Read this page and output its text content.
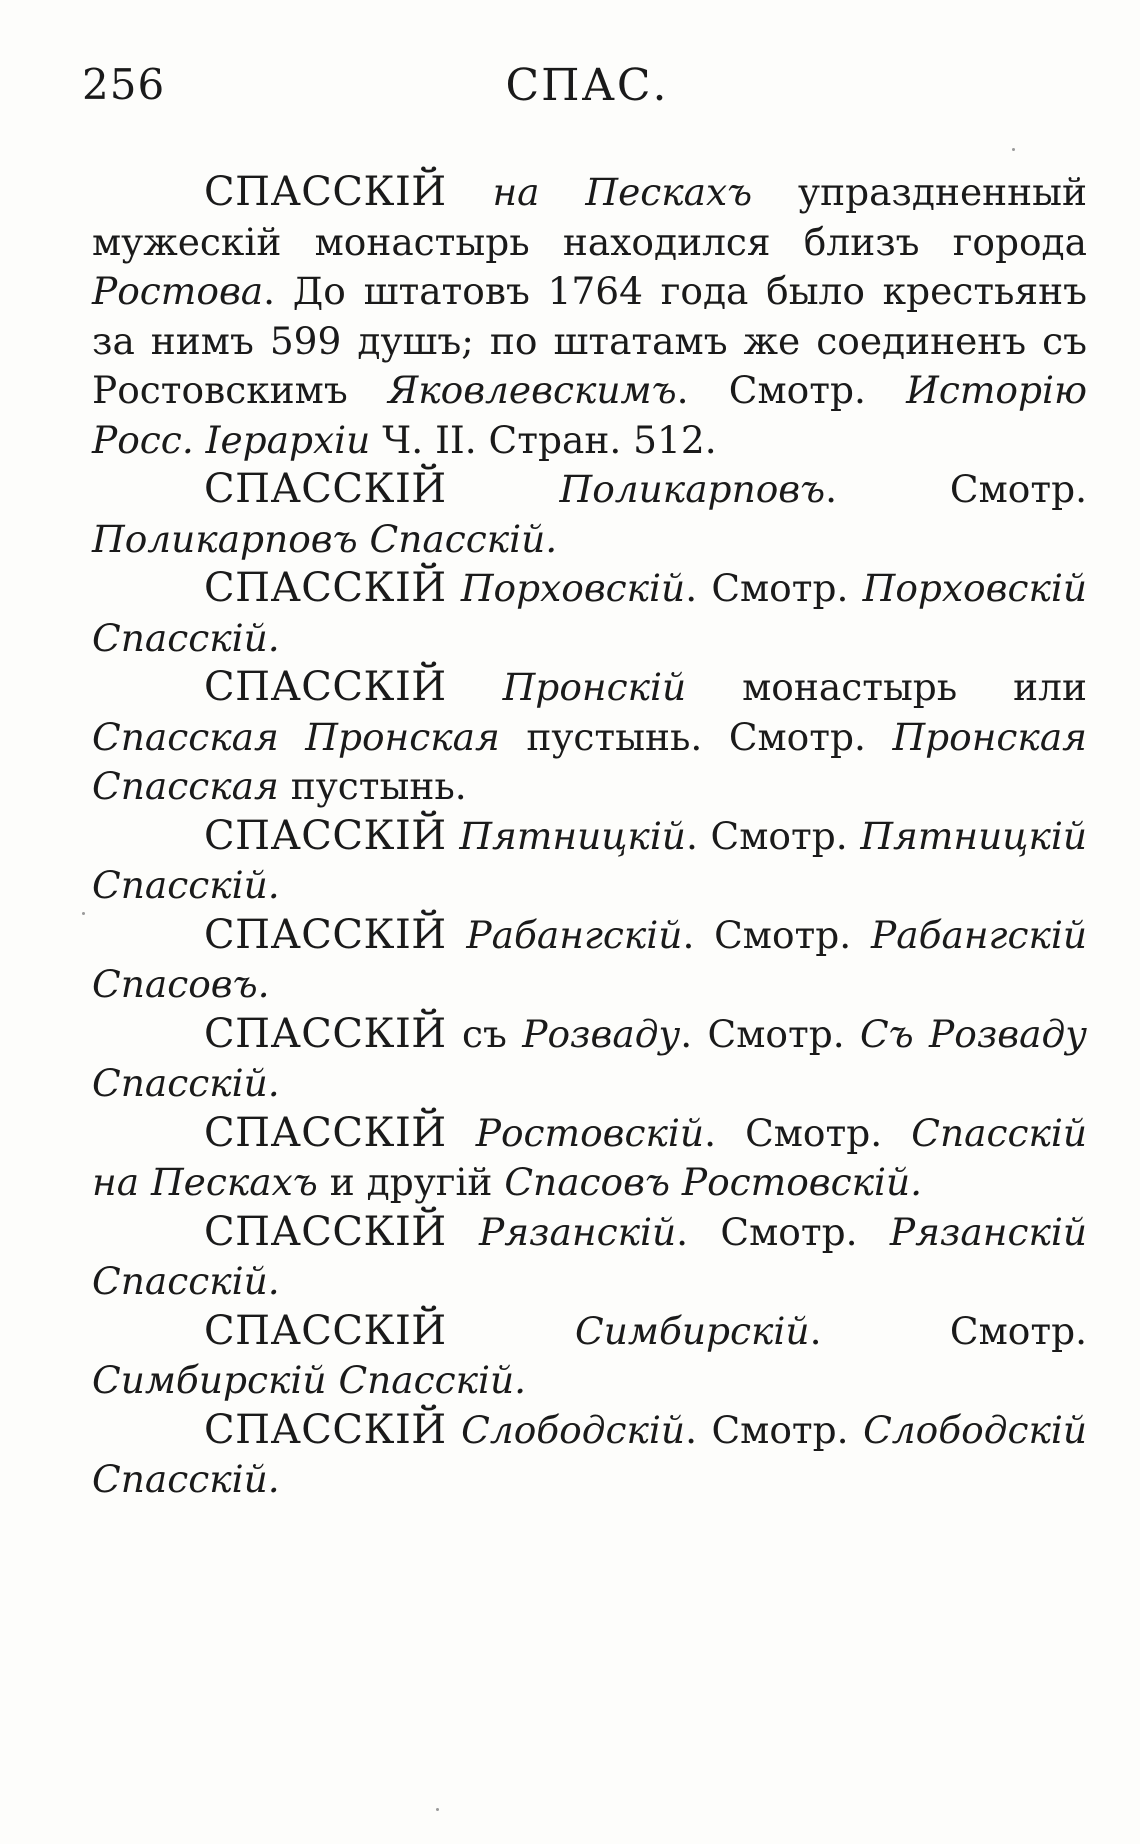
256	СПАС.

СПАССКІЙ на Пескахъ упраздненный мужескій монастырь находился близъ города Ростова. До штатовъ 1764 года было крестьянъ за нимъ 599 душъ; по штатамъ же соединенъ съ Ростовскимъ Яковлевскимъ. Смотр. Исторію Росс. Іерархіи Ч. II. Стран. 512.

СПАССКІЙ	Поликарповъ. Смотр. Поликарповъ Спасскій.

СПАССКІЙ Порховскій. Смотр. Порховскій Спасскій.

СПАССКІЙ Пронскій монастырь или Спасская Пронская пустынь. Смотр. Пронская Спасская пустынь.

СПАССКІЙ Пятницкій. Смотр. Пятницкій Спасскій.

СПАССКІЙ Рабангскій. Смотр. Рабангскій Спасовъ.

СПАССКІЙ съ Розваду. Смотр. Съ Розваду Спасскій.

СПАССКІЙ Ростовскій. Смотр. Спасскій на Пескахъ и другій Спасовъ Ростовскій.

СПАССКІЙ Рязанскій. Смотр. Рязанскій Спасскій.

СПАССКІЙ	Симбирскій. Смотр. Симбирскій Спасскій.

СПАССКІЙ Слободскій. Смотр. Слободскій Спасскій.
